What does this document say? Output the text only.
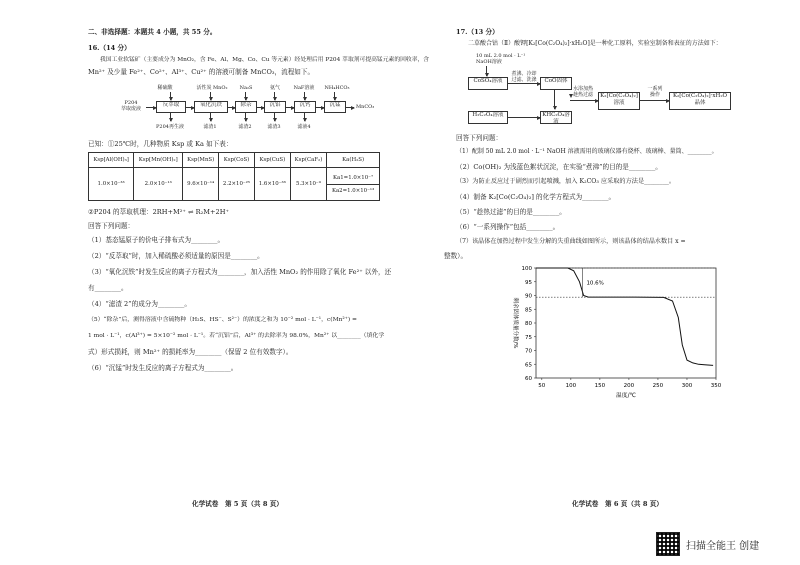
二、非选择题：本题共 4 小题，共 55 分。
16.（14 分）
我国工业软锰矿（主要成分为 MnO₂，含 Fe、Al、Mg、Co、Cu 等元素）经处理后用 P204 萃取剂可提高锰元素的回收率，含
Mn²⁺ 及少量 Fe²⁺、Co²⁺、Al³⁺、Cu²⁺ 的溶液可制备 MnCO₃，流程如下。
P204
萃取废液
反萃取	氧化沉铁	除杂	沉铝	沉钙	沉锰	MnCO₃
稀硫酸	活性炭 MnO₂	Na₂S	氨气	NaF溶液	NH₄HCO₃
P204再生液	滤渣1	滤渣2	滤渣3	滤液4
已知：①25℃时，几种物质 Ksp 或 Ka 如下表：
Ksp[Al(OH)₃]	Ksp[Mn(OH)₂]	Ksp(MnS)	Ksp(CoS)	Ksp(CuS)	Ksp(CaF₂)	Ka(H₂S)
1.0×10⁻³³	2.0×10⁻¹³	9.6×10⁻¹⁴	2.2×10⁻²⁵	1.6×10⁻³⁶	5.3×10⁻⁹	Ka1=1.0×10⁻⁷
Ka2=1.0×10⁻¹³
②P204 的萃取机理：2RH+M²⁺ ⇌ R₂M+2H⁺
回答下列问题：
（1）基态锰原子的价电子排布式为________。
（2）“反萃取”时，加入稀硫酸必须适量的原因是________。
（3）“氧化沉铁”时发生反应的离子方程式为________，加入活性 MnO₂ 的作用除了氧化 Fe²⁺ 以外，还
有________。
（4）“滤渣 2”的成分为________。
（5）“除杂”后，测得溶液中含硫物种（H₂S、HS⁻、S²⁻）的浓度之和为 10⁻² mol · L⁻¹，c(Mn²⁺) =
1 mol · L⁻¹，c(Al³⁺) = 5×10⁻² mol · L⁻¹。若“沉铝”后，Al³⁺ 的去除率为 98.0%，Mn²⁺ 以________（填化学
式）形式损耗，则 Mn²⁺ 的损耗率为________（保留 2 位有效数字）。
（6）“沉锰”时发生反应的离子方程式为________。
化学试卷　第 5 页（共 8 页）
17.（13 分）
二草酸合钴（Ⅱ）酸钾[K₂[Co(C₂O₄)₂]·xH₂O]是一种化工原料，实验室制备和表征的方法如下：
10 mL 2.0 mol · L⁻¹
NaOH溶液
CoSO₄溶液
煮沸、冷却
过滤、洗涤	CoO固体
H₂C₂O₄溶液	KHC₂O₄溶液
水浴加热
趁热过滤	K₂[Co(C₂O₄)₂]
溶液
一系列
操作	K₂[Co(C₂O₄)₂]·xH₂O
晶体
回答下列问题：
（1）配制 50 mL 2.0 mol · L⁻¹ NaOH 溶液需用的玻璃仪器有烧杯、玻璃棒、量筒、________。
（2）Co(OH)₂ 为浅蓝色絮状沉淀，在实验“煮沸”的目的是________。
（3）为防止反应过于剧烈而引起喷溅，加入 K₂CO₃ 应采取的方法是________。
（4）制备 K₂[Co(C₂O₄)₂] 的化学方程式为________。
（5）“趁热过滤”的目的是________。
（6）“一系列操作”包括________。
（7）该晶体在加热过程中发生分解的失重曲线如图所示，则该晶体的结晶水数目 x =
整数）。
60
65
70
75
80
85
90
95
100
50	100	150	200	250	300	350
10.6%
温度/℃
剩余固体质量分数/%
化学试卷　第 6 页（共 8 页）
扫描全能王 创建
